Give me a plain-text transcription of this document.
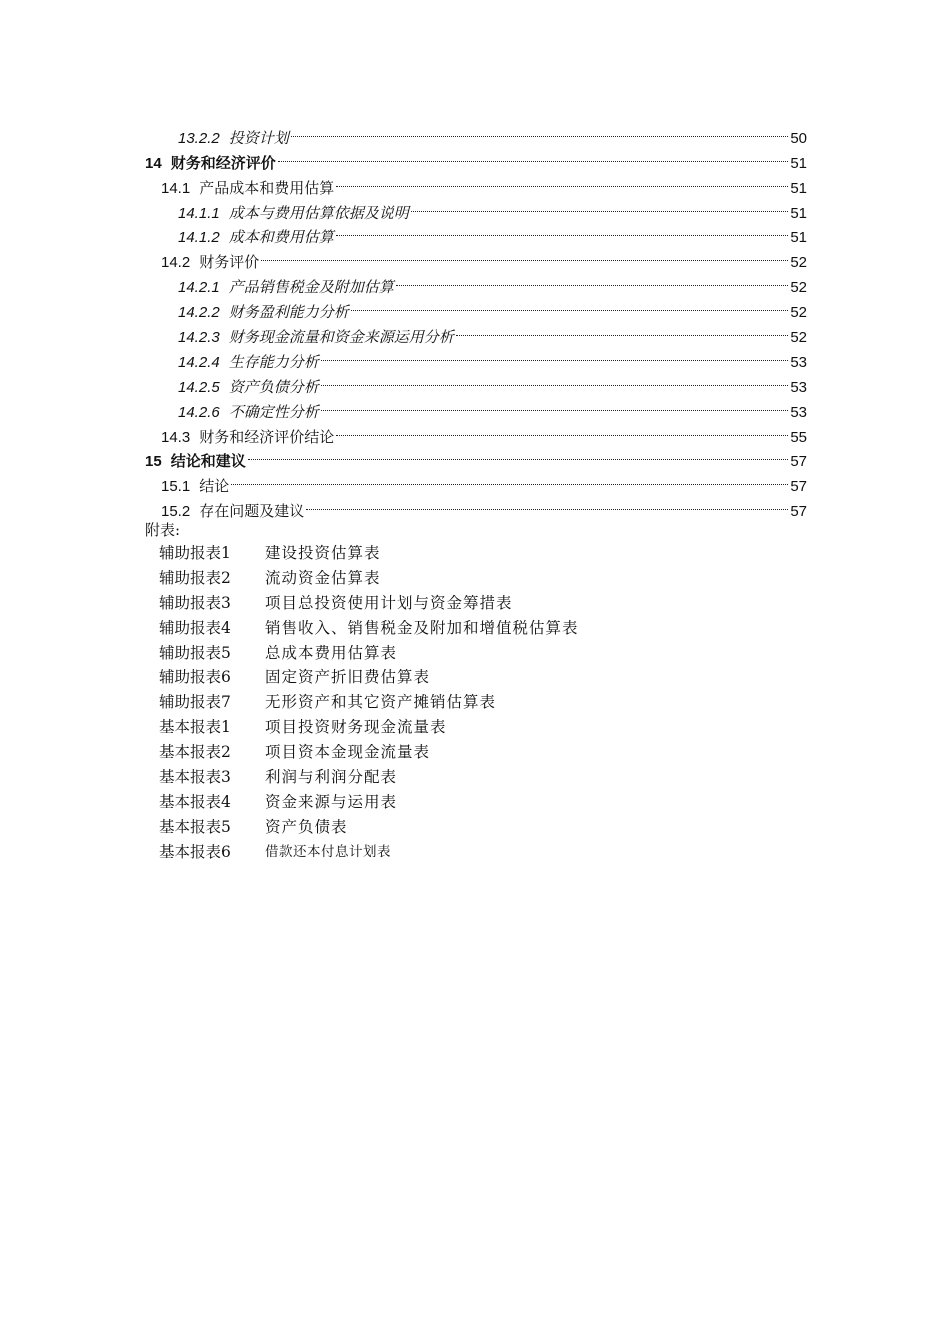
13.2.2 投资计划	50
14 财务和经济评价	51
14.1 产品成本和费用估算	51
14.1.1 成本与费用估算依据及说明	51
14.1.2 成本和费用估算	51
14.2 财务评价	52
14.2.1 产品销售税金及附加估算	52
14.2.2 财务盈利能力分析	52
14.2.3 财务现金流量和资金来源运用分析	52
14.2.4 生存能力分析	53
14.2.5 资产负债分析	53
14.2.6 不确定性分析	53
14.3 财务和经济评价结论	55
15 结论和建议	57
15.1 结论	57
15.2 存在问题及建议	57
附表:
辅助报表1	建设投资估算表
辅助报表2	流动资金估算表
辅助报表3	项目总投资使用计划与资金筹措表
辅助报表4	销售收入、销售税金及附加和增值税估算表
辅助报表5	总成本费用估算表
辅助报表6	固定资产折旧费估算表
辅助报表7	无形资产和其它资产摊销估算表
基本报表1	项目投资财务现金流量表
基本报表2	项目资本金现金流量表
基本报表3	利润与利润分配表
基本报表4	资金来源与运用表
基本报表5	资产负债表
基本报表6	借款还本付息计划表
